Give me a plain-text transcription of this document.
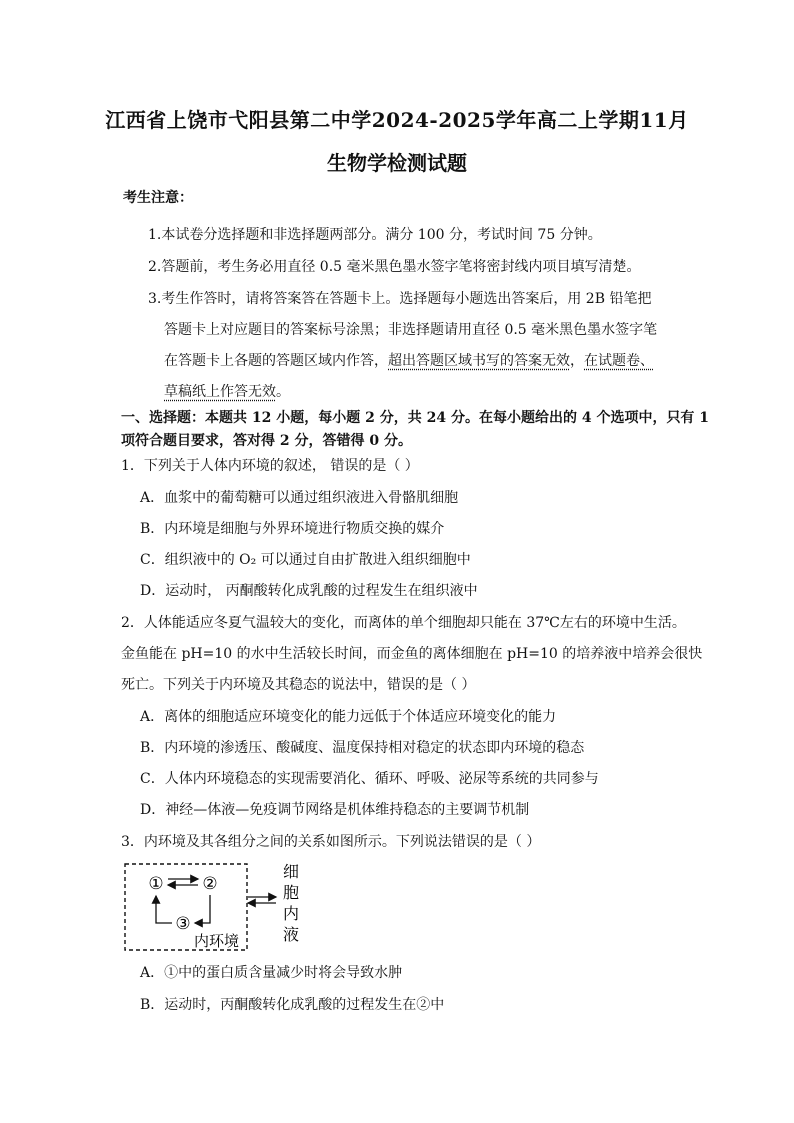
江西省上饶市弋阳县第二中学2024-2025学年高二上学期11月
生物学检测试题
考生注意：
1.本试卷分选择题和非选择题两部分。满分 100 分，考试时间 75 分钟。
2.答题前，考生务必用直径 0.5 毫米黑色墨水签字笔将密封线内项目填写清楚。
3.考生作答时，请将答案答在答题卡上。选择题每小题选出答案后，用 2B 铅笔把
答题卡上对应题目的答案标号涂黑；非选择题请用直径 0.5 毫米黑色墨水签字笔
在答题卡上各题的答题区域内作答，超出答题区域书写的答案无效，在试题卷、
草稿纸上作答无效。
一、选择题：本题共 12 小题，每小题 2 分，共 24 分。在每小题给出的 4 个选项中，只有 1
项符合题目要求，答对得 2 分，答错得 0 分。
1．下列关于人体内环境的叙述， 错误的是（ ）
A．血浆中的葡萄糖可以通过组织液进入骨骼肌细胞
B．内环境是细胞与外界环境进行物质交换的媒介
C．组织液中的 O₂ 可以通过自由扩散进入组织细胞中
D．运动时， 丙酮酸转化成乳酸的过程发生在组织液中
2．人体能适应冬夏气温较大的变化，而离体的单个细胞却只能在 37℃左右的环境中生活。
金鱼能在 pH=10 的水中生活较长时间，而金鱼的离体细胞在 pH=10 的培养液中培养会很快
死亡。下列关于内环境及其稳态的说法中，错误的是（ ）
A．离体的细胞适应环境变化的能力远低于个体适应环境变化的能力
B．内环境的渗透压、酸碱度、温度保持相对稳定的状态即内环境的稳态
C．人体内环境稳态的实现需要消化、循环、呼吸、泌尿等系统的共同参与
D．神经—体液—免疫调节网络是机体维持稳态的主要调节机制
3．内环境及其各组分之间的关系如图所示。下列说法错误的是（ ）
① ②
③
内环境
细
胞
内
液
A．①中的蛋白质含量减少时将会导致水肿
B．运动时，丙酮酸转化成乳酸的过程发生在②中
